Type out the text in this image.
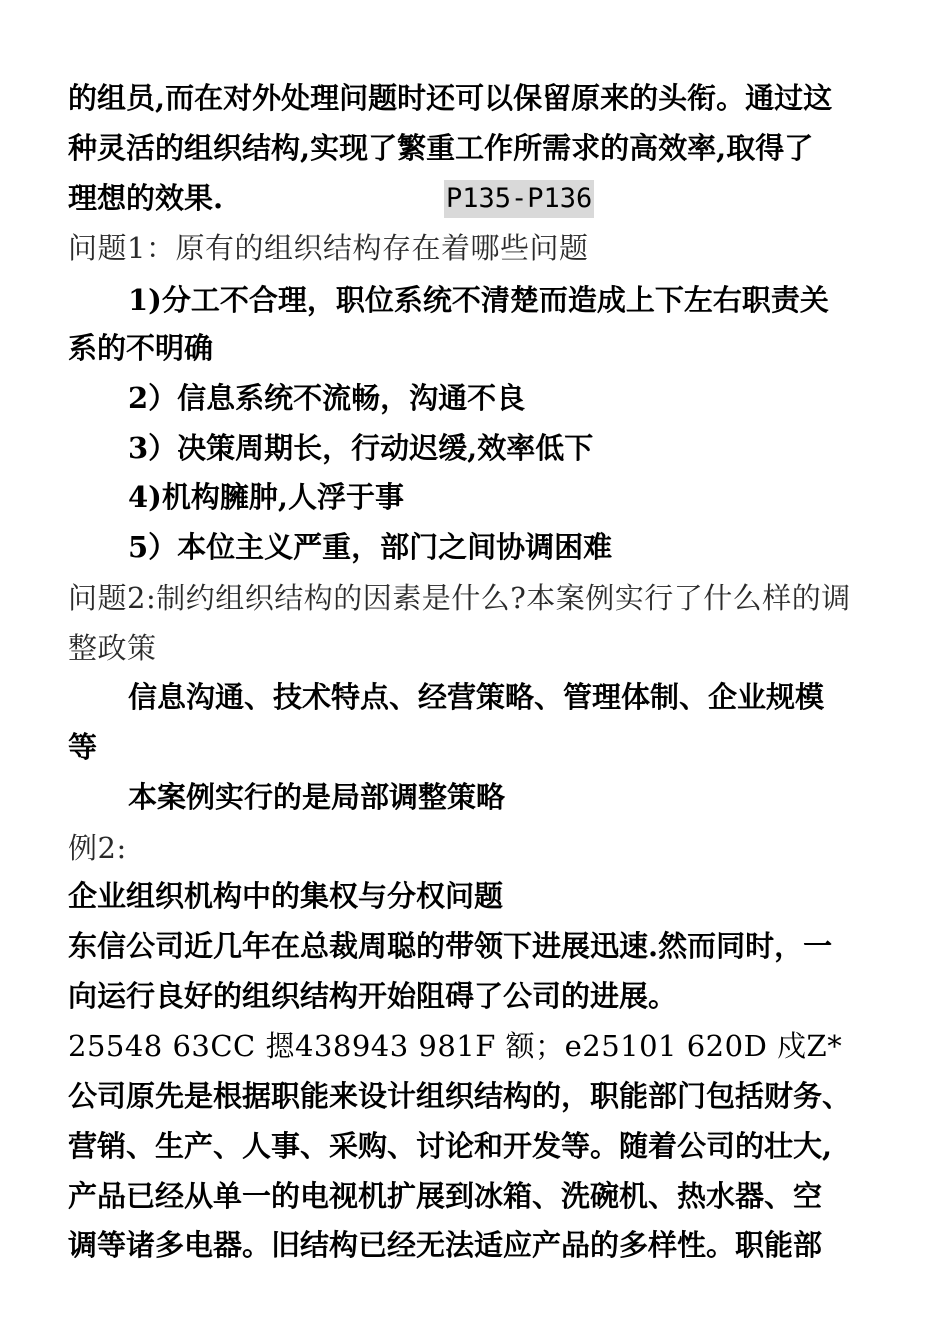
的组员,而在对外处理问题时还可以保留原来的头衔。通过这
种灵活的组织结构,实现了繁重工作所需求的高效率,取得了
理想的效果.	P135-P136
问题1：原有的组织结构存在着哪些问题
1)分工不合理，职位系统不清楚而造成上下左右职责关
系的不明确
2）信息系统不流畅，沟通不良
3）决策周期长，行动迟缓,效率低下
4)机构臃肿,人浮于事
5）本位主义严重，部门之间协调困难
问题2:制约组织结构的因素是什么?本案例实行了什么样的调
整政策
信息沟通、技术特点、经营策略、管理体制、企业规模
等
本案例实行的是局部调整策略
例2:
企业组织机构中的集权与分权问题
东信公司近几年在总裁周聪的带领下进展迅速.然而同时，一
向运行良好的组织结构开始阻碍了公司的进展。
25548 63CC 摁438943 981F 额；e25101 620D 戍Z*
公司原先是根据职能来设计组织结构的，职能部门包括财务、
营销、生产、人事、采购、讨论和开发等。随着公司的壮大,
产品已经从单一的电视机扩展到冰箱、洗碗机、热水器、空
调等诸多电器。旧结构已经无法适应产品的多样性。职能部
